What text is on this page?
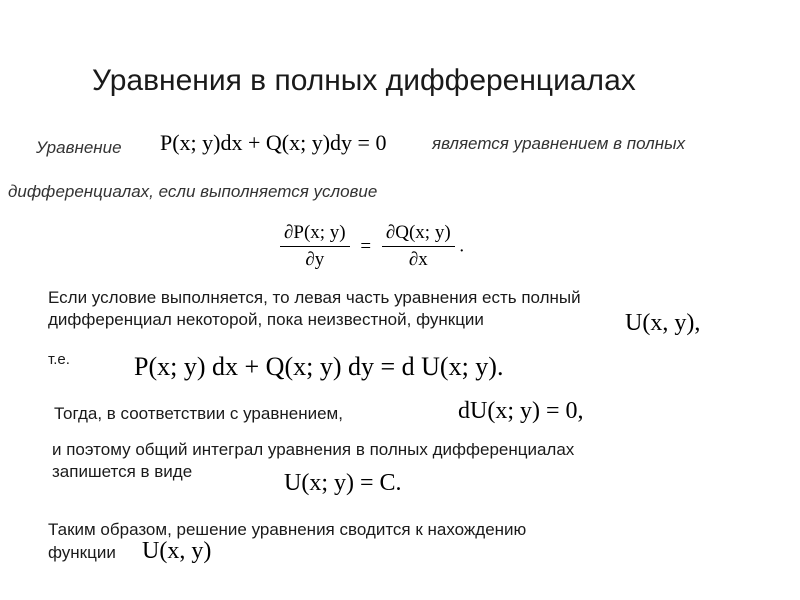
Уравнения в полных дифференциалах
Уравнение P(x; y)dx + Q(x; y)dy = 0	является уравнением в полных
дифференциалах, если выполняется условие
$\frac{\partial P(x; y)}{\partial y} = \frac{\partial Q(x; y)}{\partial x}$ .
Если условие выполняется, то левая часть уравнения есть полный
дифференциал некоторой, пока неизвестной, функции	U(x, y),
т.е. P(x; y) dx + Q(x; y) dy = d U(x; y).
Тогда, в соответствии с уравнением,	dU(x; y) = 0,
и поэтому общий интеграл уравнения в полных дифференциалах
запишется в виде	U(x; y) = C.
Таким образом, решение уравнения сводится к нахождению
функции U(x, y)
